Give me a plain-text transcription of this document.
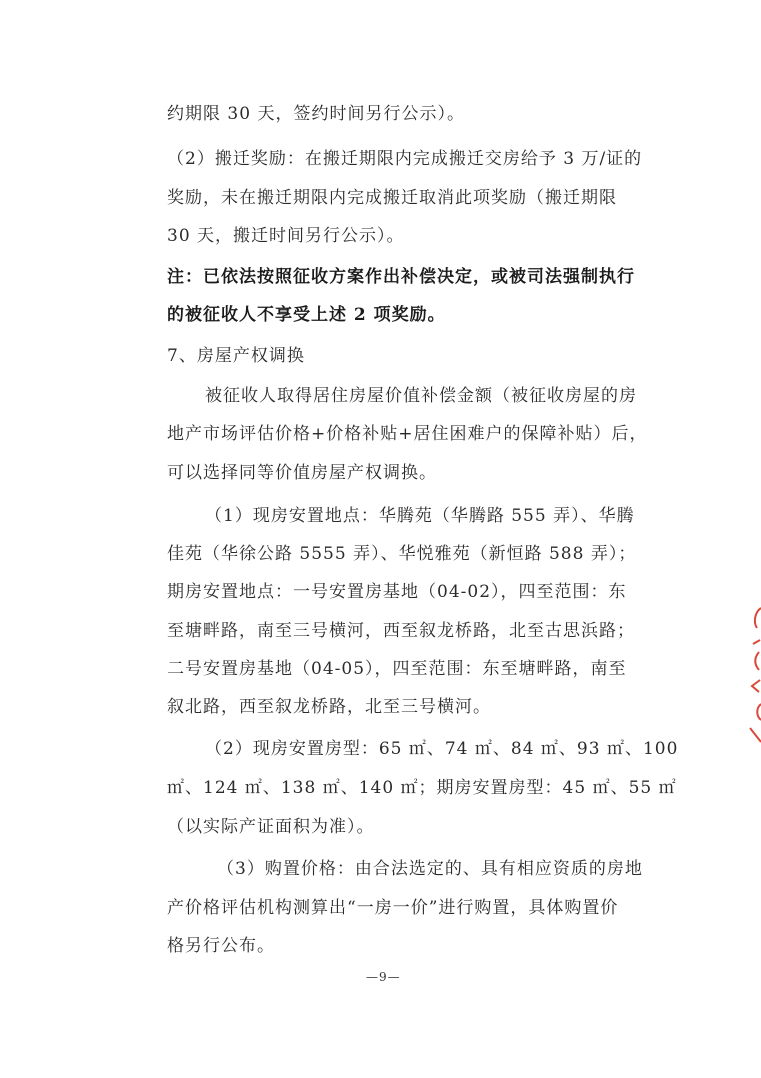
约期限 30 天，签约时间另行公示）。
（2）搬迁奖励：在搬迁期限内完成搬迁交房给予 3 万/证的
奖励，未在搬迁期限内完成搬迁取消此项奖励（搬迁期限
30 天，搬迁时间另行公示）。
注：已依法按照征收方案作出补偿决定，或被司法强制执行
的被征收人不享受上述 2 项奖励。
7、房屋产权调换
被征收人取得居住房屋价值补偿金额（被征收房屋的房
地产市场评估价格+价格补贴+居住困难户的保障补贴）后，
可以选择同等价值房屋产权调换。
（1）现房安置地点：华腾苑（华腾路 555 弄）、华腾
佳苑（华徐公路 5555 弄）、华悦雅苑（新恒路 588 弄）；
期房安置地点：一号安置房基地（04-02），四至范围：东
至塘畔路，南至三号横河，西至叙龙桥路，北至古思浜路；
二号安置房基地（04-05），四至范围：东至塘畔路，南至
叙北路，西至叙龙桥路，北至三号横河。
（2）现房安置房型：65 ㎡、74 ㎡、84 ㎡、93 ㎡、100
㎡、124 ㎡、138 ㎡、140 ㎡；期房安置房型：45 ㎡、55 ㎡
（以实际产证面积为准）。
（3）购置价格：由合法选定的、具有相应资质的房地
产价格评估机构测算出“一房一价”进行购置，具体购置价
格另行公布。
—9—
